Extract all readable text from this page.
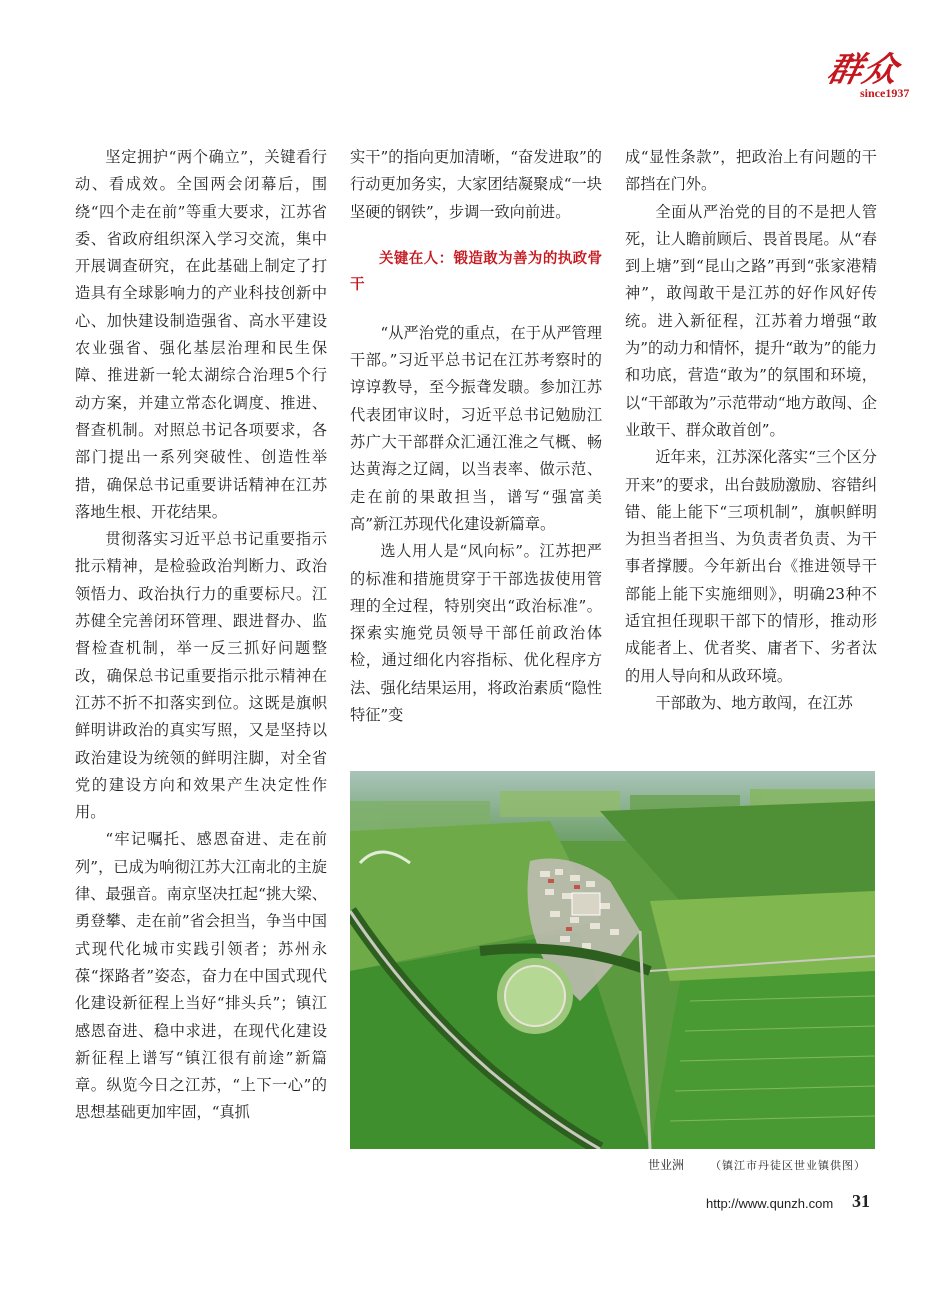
群众
since1937

坚定拥护“两个确立”，关键看行动、看成效。全国两会闭幕后，围绕“四个走在前”等重大要求，江苏省委、省政府组织深入学习交流，集中开展调查研究，在此基础上制定了打造具有全球影响力的产业科技创新中心、加快建设制造强省、高水平建设农业强省、强化基层治理和民生保障、推进新一轮太湖综合治理5个行动方案，并建立常态化调度、推进、督查机制。对照总书记各项要求，各部门提出一系列突破性、创造性举措，确保总书记重要讲话精神在江苏落地生根、开花结果。

贯彻落实习近平总书记重要指示批示精神，是检验政治判断力、政治领悟力、政治执行力的重要标尺。江苏健全完善闭环管理、跟进督办、监督检查机制，举一反三抓好问题整改，确保总书记重要指示批示精神在江苏不折不扣落实到位。这既是旗帜鲜明讲政治的真实写照，又是坚持以政治建设为统领的鲜明注脚，对全省党的建设方向和效果产生决定性作用。

“牢记嘱托、感恩奋进、走在前列”，已成为响彻江苏大江南北的主旋律、最强音。南京坚决扛起“挑大梁、勇登攀、走在前”省会担当，争当中国式现代化城市实践引领者；苏州永葆“探路者”姿态，奋力在中国式现代化建设新征程上当好“排头兵”；镇江感恩奋进、稳中求进，在现代化建设新征程上谱写“镇江很有前途”新篇章。纵览今日之江苏，“上下一心”的思想基础更加牢固，“真抓

实干”的指向更加清晰，“奋发进取”的行动更加务实，大家团结凝聚成“一块坚硬的钢铁”，步调一致向前进。

关键在人：锻造敢为善为的执政骨干

“从严治党的重点，在于从严管理干部。”习近平总书记在江苏考察时的谆谆教导，至今振聋发聩。参加江苏代表团审议时，习近平总书记勉励江苏广大干部群众汇通江淮之气概、畅达黄海之辽阔，以当表率、做示范、走在前的果敢担当，谱写“强富美高”新江苏现代化建设新篇章。

选人用人是“风向标”。江苏把严的标准和措施贯穿于干部选拔使用管理的全过程，特别突出“政治标准”。探索实施党员领导干部任前政治体检，通过细化内容指标、优化程序方法、强化结果运用，将政治素质“隐性特征”变

成“显性条款”，把政治上有问题的干部挡在门外。

全面从严治党的目的不是把人管死，让人瞻前顾后、畏首畏尾。从“春到上塘”到“昆山之路”再到“张家港精神”，敢闯敢干是江苏的好作风好传统。进入新征程，江苏着力增强“敢为”的动力和情怀，提升“敢为”的能力和功底，营造“敢为”的氛围和环境，以“干部敢为”示范带动“地方敢闯、企业敢干、群众敢首创”。

近年来，江苏深化落实“三个区分开来”的要求，出台鼓励激励、容错纠错、能上能下“三项机制”，旗帜鲜明为担当者担当、为负责者负责、为干事者撑腰。今年新出台《推进领导干部能上能下实施细则》，明确23种不适宜担任现职干部下的情形，推动形成能者上、优者奖、庸者下、劣者汰的用人导向和从政环境。

干部敢为、地方敢闯，在江苏

世业洲 （镇江市丹徒区世业镇供图）
http://www.qunzh.com 31
